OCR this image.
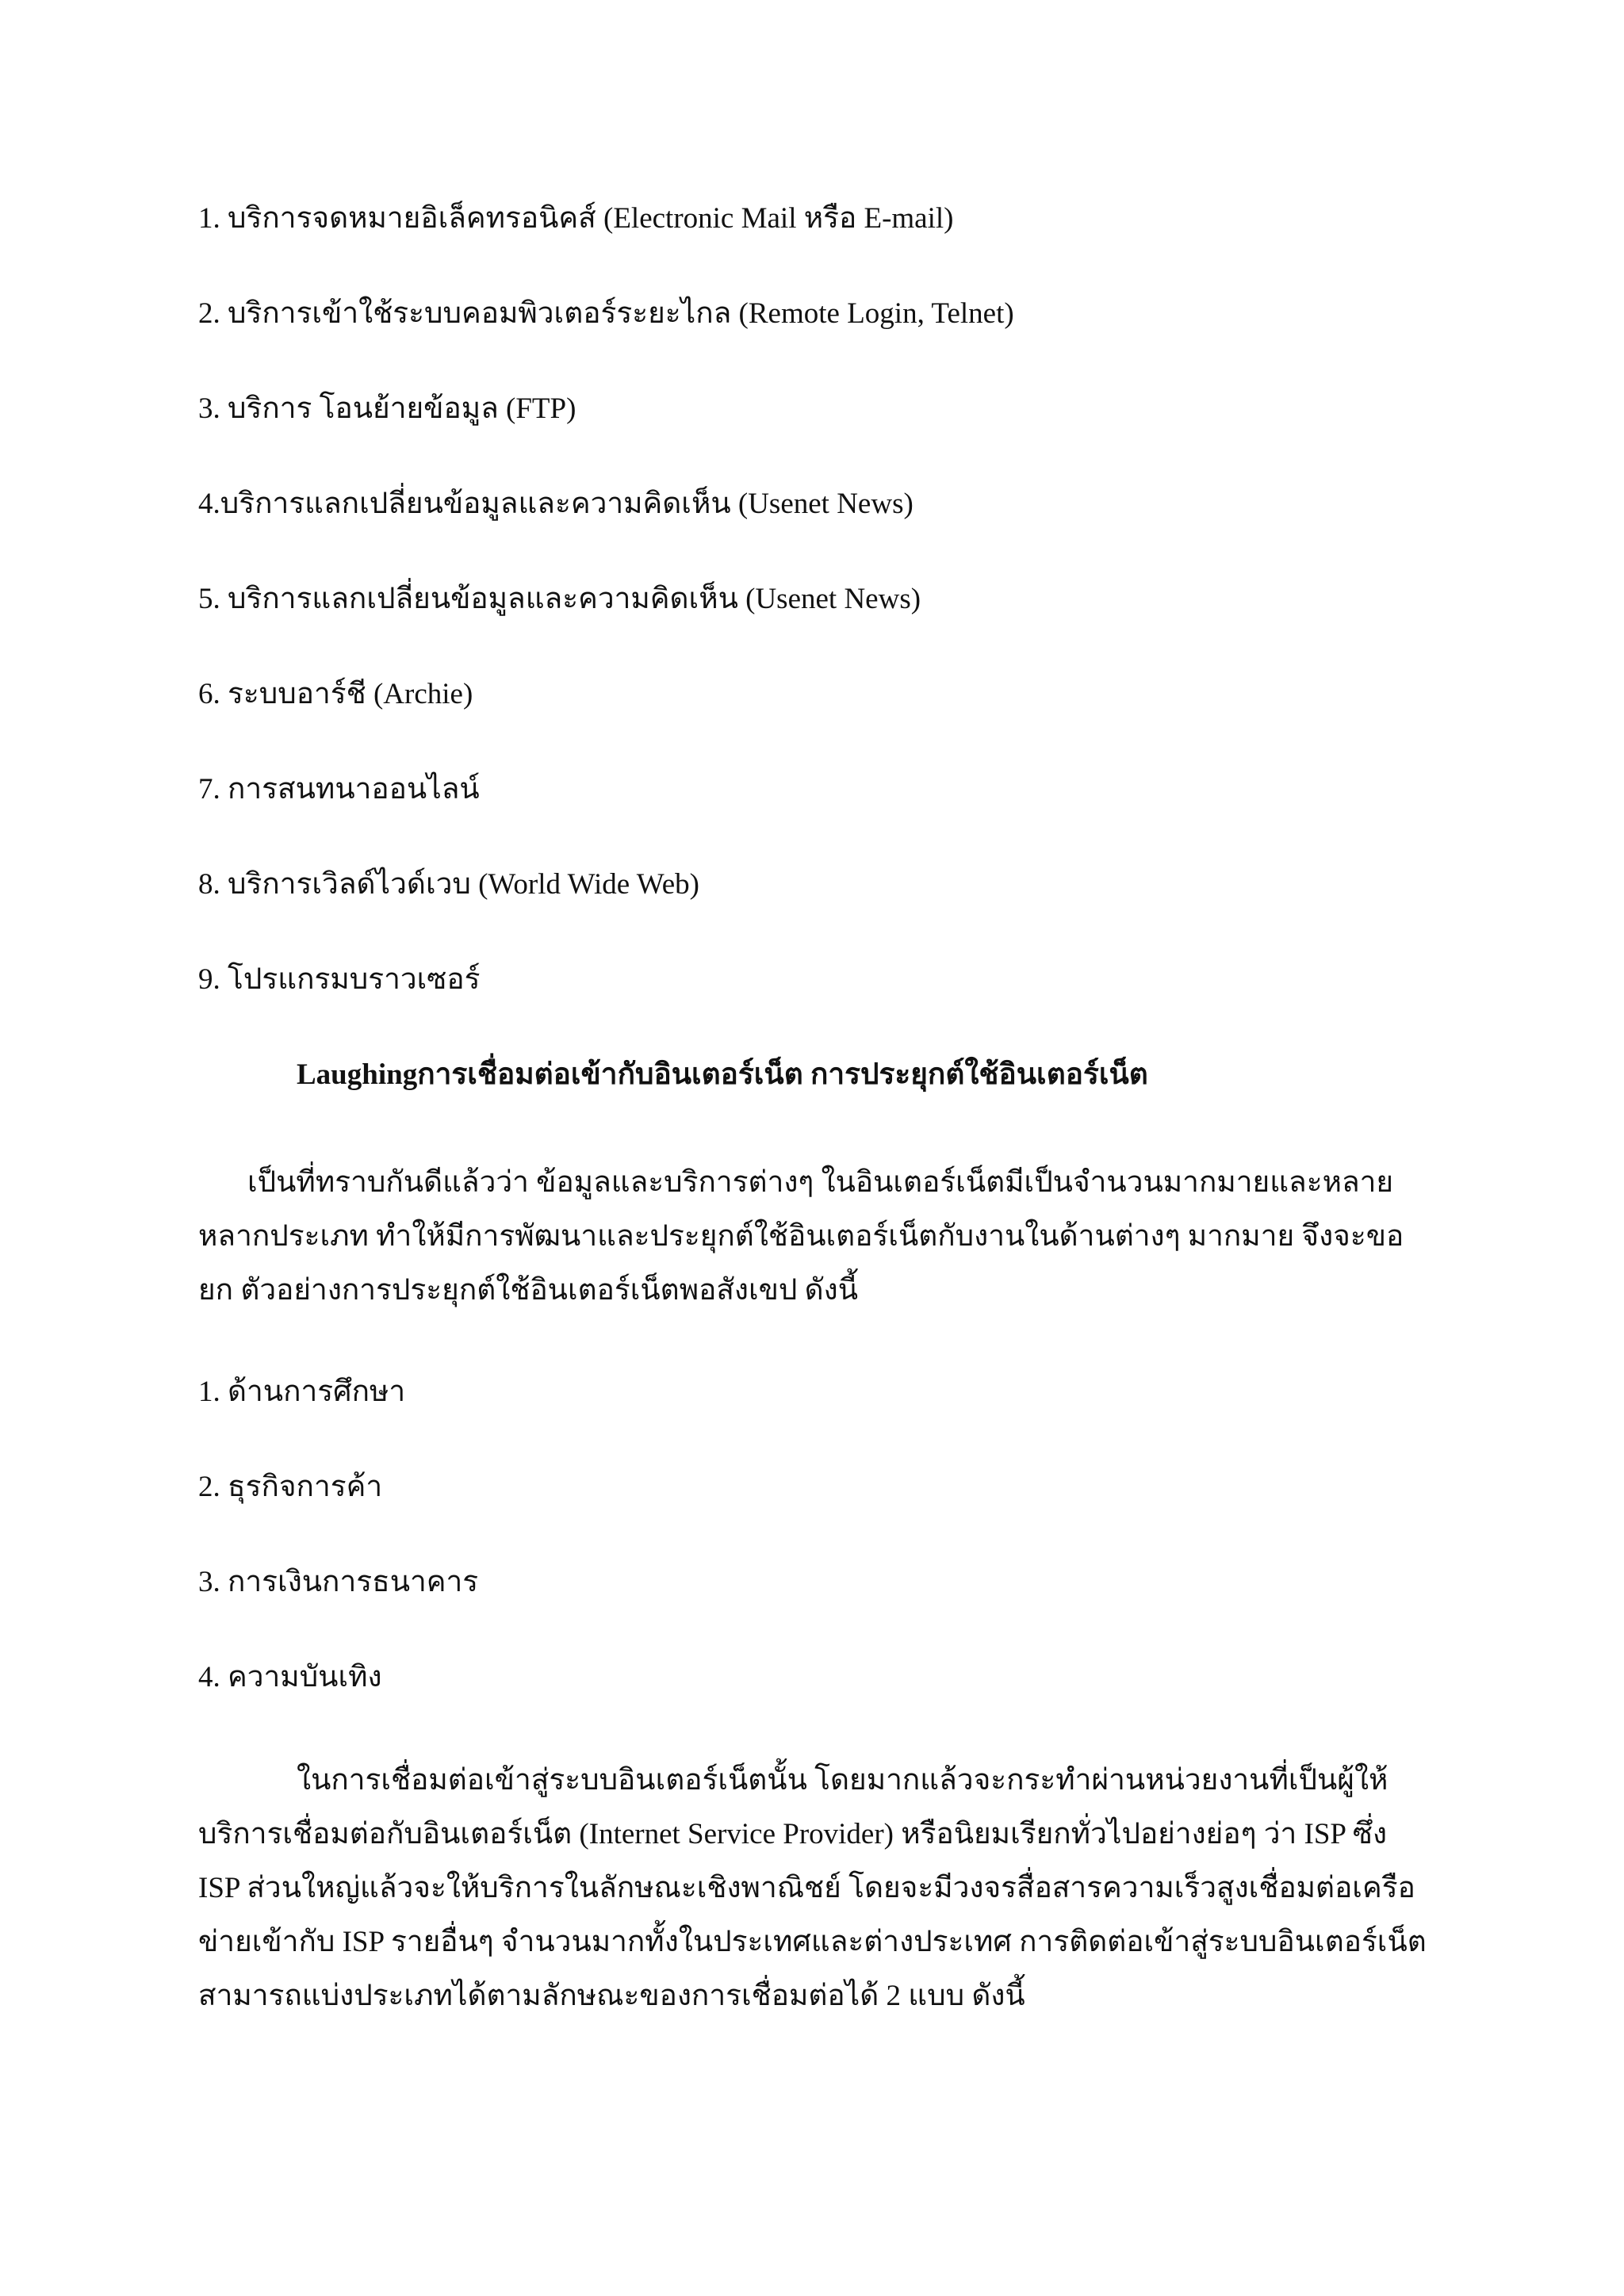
1. บริการจดหมายอิเล็คทรอนิคส์ (Electronic Mail หรือ E-mail)
2. บริการเข้าใช้ระบบคอมพิวเตอร์ระยะไกล (Remote Login, Telnet)
3. บริการ โอนย้ายข้อมูล (FTP)
4.บริการแลกเปลี่ยนข้อมูลและความคิดเห็น (Usenet News)
5. บริการแลกเปลี่ยนข้อมูลและความคิดเห็น (Usenet News)
6. ระบบอาร์ชี (Archie)
7. การสนทนาออนไลน์
8. บริการเวิลด์ไวด์เวบ (World Wide Web)
9. โปรแกรมบราวเซอร์
Laughingการเชื่อมต่อเข้ากับอินเตอร์เน็ต การประยุกต์ใช้อินเตอร์เน็ต

เป็นที่ทราบกันดีแล้วว่า ข้อมูลและบริการต่างๆ ในอินเตอร์เน็ตมีเป็นจำนวนมากมายและหลายหลากประเภท ทำให้มีการพัฒนาและประยุกต์ใช้อินเตอร์เน็ตกับงานในด้านต่างๆ มากมาย จึงจะขอยก ตัวอย่างการประยุกต์ใช้อินเตอร์เน็ตพอสังเขป ดังนี้

1. ด้านการศึกษา
2. ธุรกิจการค้า
3. การเงินการธนาคาร
4. ความบันเทิง

ในการเชื่อมต่อเข้าสู่ระบบอินเตอร์เน็ตนั้น โดยมากแล้วจะกระทำผ่านหน่วยงานที่เป็นผู้ให้บริการเชื่อมต่อกับอินเตอร์เน็ต (Internet Service Provider) หรือนิยมเรียกทั่วไปอย่างย่อๆ ว่า ISP ซึ่ง ISP ส่วนใหญ่แล้วจะให้บริการในลักษณะเชิงพาณิชย์ โดยจะมีวงจรสื่อสารความเร็วสูงเชื่อมต่อเครือข่ายเข้ากับ ISP รายอื่นๆ จำนวนมากทั้งในประเทศและต่างประเทศ การติดต่อเข้าสู่ระบบอินเตอร์เน็ต สามารถแบ่งประเภทได้ตามลักษณะของการเชื่อมต่อได้ 2 แบบ ดังนี้
